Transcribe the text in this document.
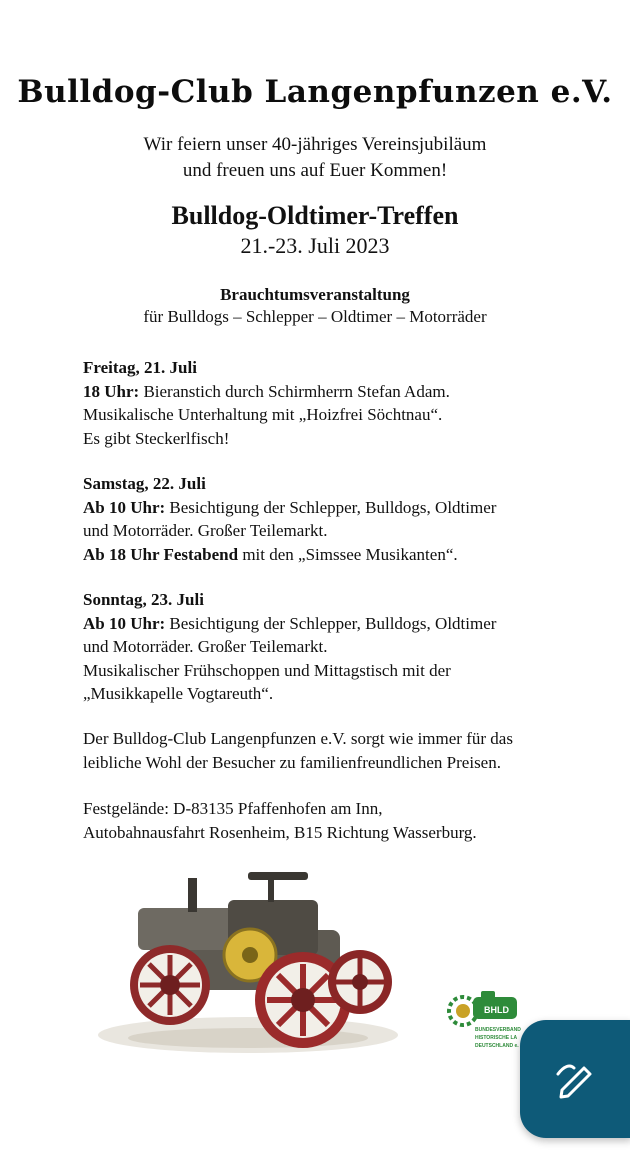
Bulldog-Club Langenpfunzen e.V.
Wir feiern unser 40-jähriges Vereinsjubiläum
und freuen uns auf Euer Kommen!
Bulldog-Oldtimer-Treffen
21.-23. Juli 2023
Brauchtumsveranstaltung
für Bulldogs – Schlepper – Oldtimer – Motorräder

Freitag, 21. Juli

18 Uhr: Bieranstich durch Schirmherrn Stefan Adam.

Musikalische Unterhaltung mit „Hoizfrei Söchtnau“.

Es gibt Steckerlfisch!

Samstag, 22. Juli

Ab 10 Uhr: Besichtigung der Schlepper, Bulldogs, Oldtimer

und Motorräder. Großer Teilemarkt.

Ab 18 Uhr Festabend mit den „Simssee Musikanten“.

Sonntag, 23. Juli

Ab 10 Uhr: Besichtigung der Schlepper, Bulldogs, Oldtimer

und Motorräder. Großer Teilemarkt.

Musikalischer Frühschoppen und Mittagstisch mit der

„Musikkapelle Vogtareuth“.

Der Bulldog-Club Langenpfunzen e.V. sorgt wie immer für das

leibliche Wohl der Besucher zu familienfreundlichen Preisen.

Festgelände: D-83135 Pfaffenhofen am Inn,

Autobahnausfahrt Rosenheim, B15 Richtung Wasserburg.

BHLD
BUNDESVERBAND
HISTORISCHE LA
DEUTSCHLAND e.
